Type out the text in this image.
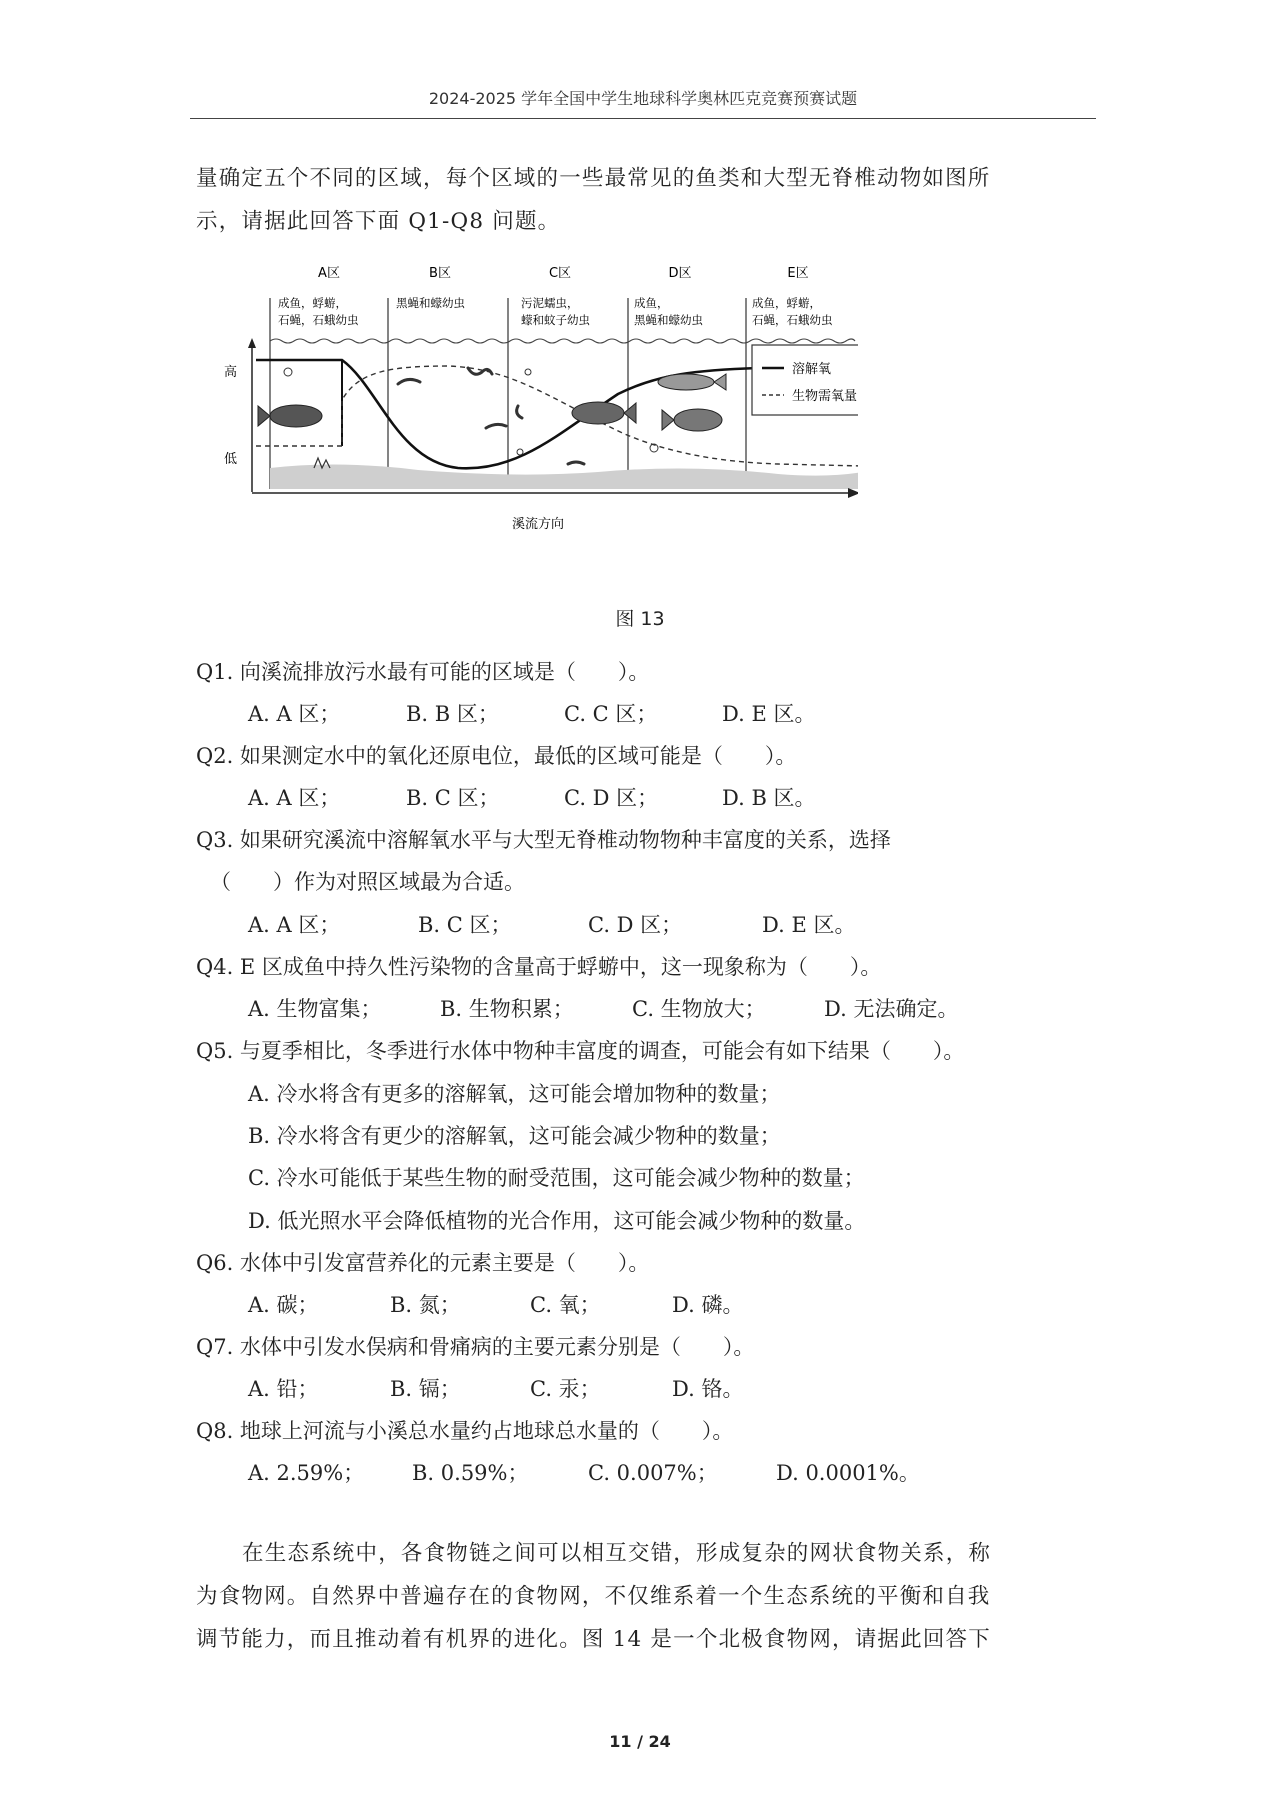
2024-2025 学年全国中学生地球科学奥林匹克竞赛预赛试题
量确定五个不同的区域，每个区域的一些最常见的鱼类和大型无脊椎动物如图所
示，请据此回答下面 Q1-Q8 问题。
A区	B区	C区	D区	E区
成鱼，蜉蝣，
石蝇，石蛾幼虫
黑蝇和蠓幼虫	污泥蠕虫，
蠓和蚊子幼虫
成鱼，
黑蝇和蠓幼虫
成鱼，蜉蝣，
石蝇，石蛾幼虫
高
低
溪流方向
溶解氧
生物需氧量
图 13
Q1. 向溪流排放污水最有可能的区域是（　　）。
A. A 区；	B. B 区；	C. C 区；	D. E 区。
Q2. 如果测定水中的氧化还原电位，最低的区域可能是（　　）。
A. A 区；	B. C 区；	C. D 区；	D. B 区。
Q3. 如果研究溪流中溶解氧水平与大型无脊椎动物物种丰富度的关系，选择
（　　）作为对照区域最为合适。
A. A 区；	B. C 区；	C. D 区；	D. E 区。
Q4. E 区成鱼中持久性污染物的含量高于蜉蝣中，这一现象称为（　　）。
A. 生物富集；	B. 生物积累；	C. 生物放大；	D. 无法确定。
Q5. 与夏季相比，冬季进行水体中物种丰富度的调查，可能会有如下结果（　　）。
A. 冷水将含有更多的溶解氧，这可能会增加物种的数量；
B. 冷水将含有更少的溶解氧，这可能会减少物种的数量；
C. 冷水可能低于某些生物的耐受范围，这可能会减少物种的数量；
D. 低光照水平会降低植物的光合作用，这可能会减少物种的数量。
Q6. 水体中引发富营养化的元素主要是（　　）。
A. 碳；	B. 氮；	C. 氧；	D. 磷。
Q7. 水体中引发水俣病和骨痛病的主要元素分别是（　　）。
A. 铅；	B. 镉；	C. 汞；	D. 铬。
Q8. 地球上河流与小溪总水量约占地球总水量的（　　）。
A. 2.59%； B. 0.59%；	C. 0.007%；	D. 0.0001%。
在生态系统中，各食物链之间可以相互交错，形成复杂的网状食物关系，称
为食物网。自然界中普遍存在的食物网，不仅维系着一个生态系统的平衡和自我
调节能力，而且推动着有机界的进化。图 14 是一个北极食物网，请据此回答下
11 / 24
